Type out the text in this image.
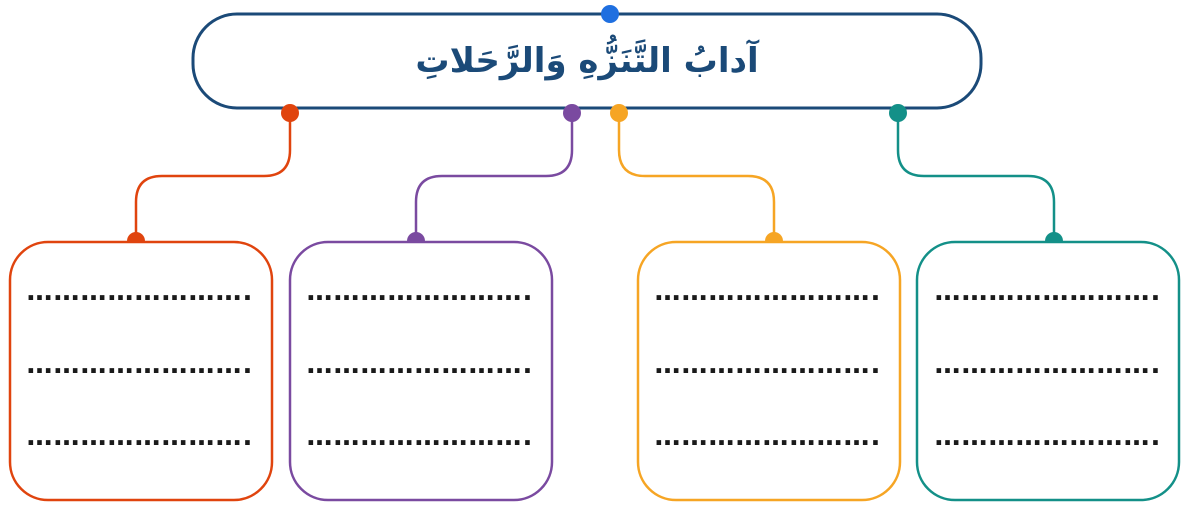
آدابُ التَّنَزُّهِ وَالرَّحَلاتِ
…………………….
…………………….
…………………….
…………………….
…………………….
…………………….
…………………….
…………………….
…………………….
…………………….
…………………….
…………………….
